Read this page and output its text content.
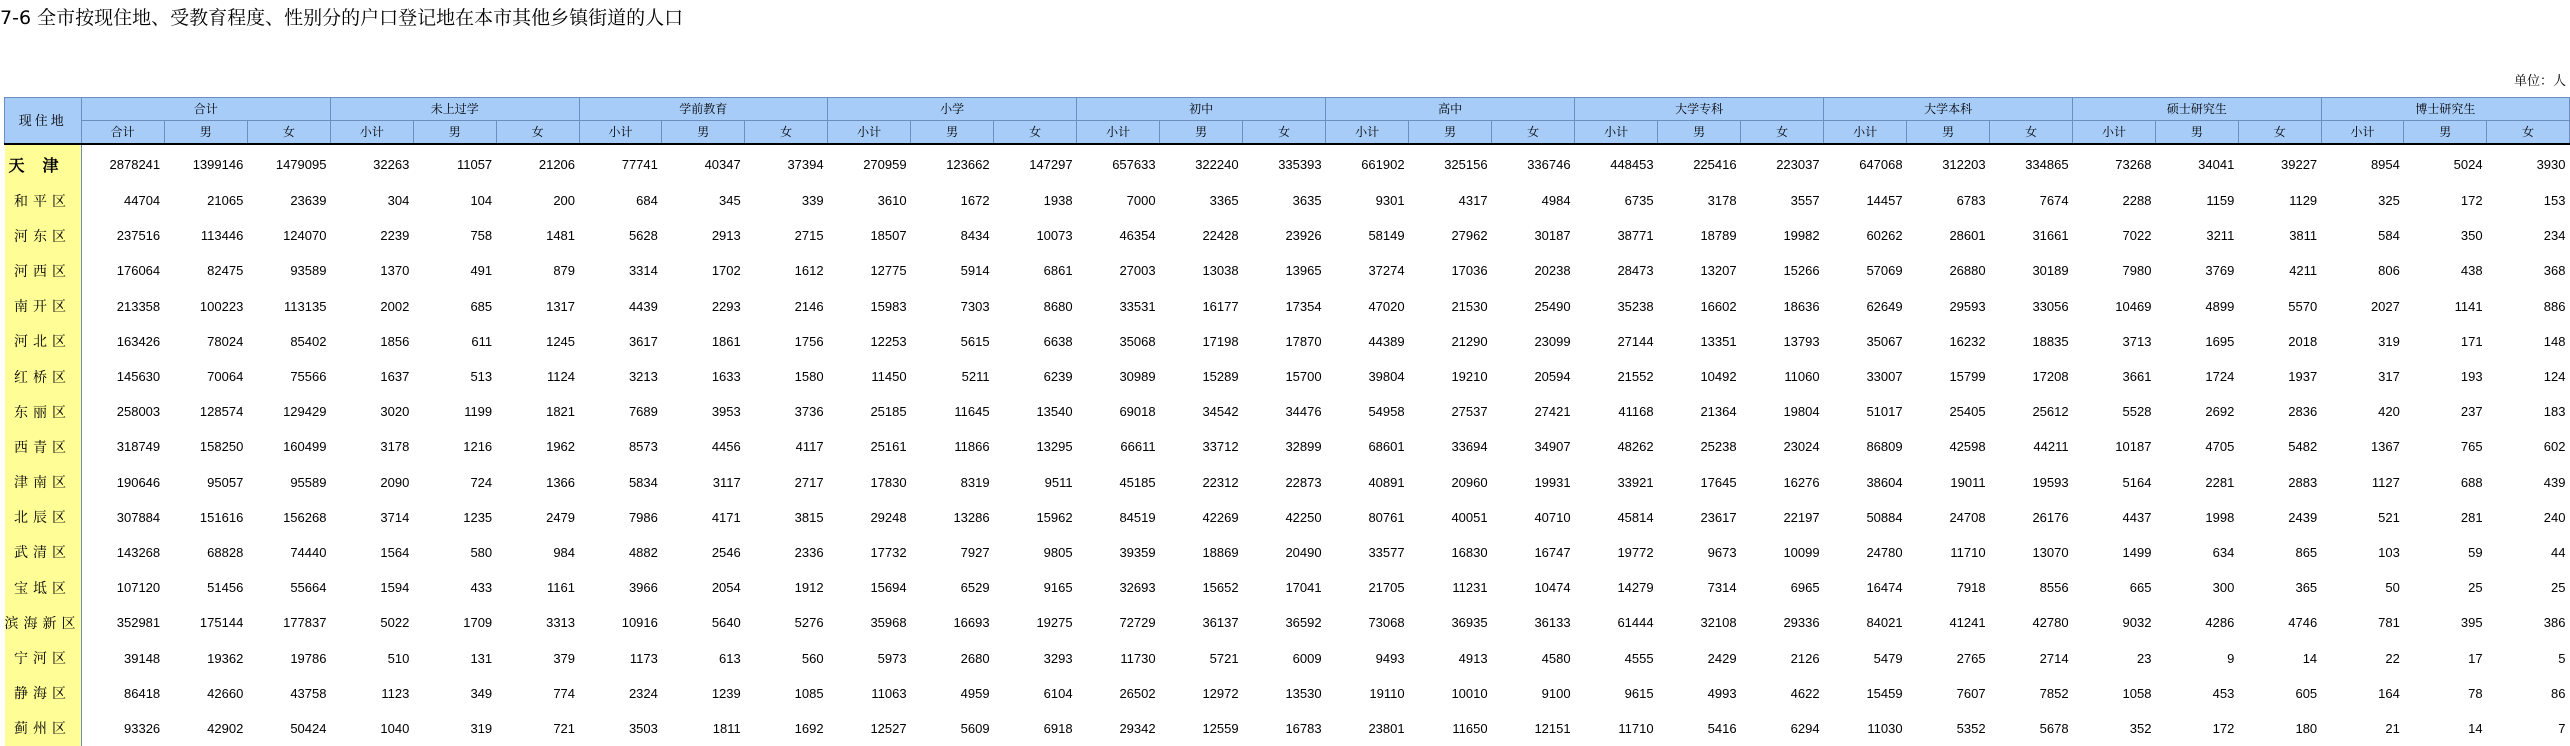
7-6 全市按现住地、受教育程度、性别分的户口登记地在本市其他乡镇街道的人口
单位：人
现住地	合计			未上过学			学前教育			小学			初中			高中			大学专科			大学本科			硕士研究生			博士研究生		
	合计	男	女	小计	男	女	小计	男	女	小计	男	女	小计	男	女	小计	男	女	小计	男	女	小计	男	女	小计	男	女	小计	男	女
天津	2878241	1399146	1479095	32263	11057	21206	77741	40347	37394	270959	123662	147297	657633	322240	335393	661902	325156	336746	448453	225416	223037	647068	312203	334865	73268	34041	39227	8954	5024	3930
和平区	44704	21065	23639	304	104	200	684	345	339	3610	1672	1938	7000	3365	3635	9301	4317	4984	6735	3178	3557	14457	6783	7674	2288	1159	1129	325	172	153
河东区	237516	113446	124070	2239	758	1481	5628	2913	2715	18507	8434	10073	46354	22428	23926	58149	27962	30187	38771	18789	19982	60262	28601	31661	7022	3211	3811	584	350	234
河西区	176064	82475	93589	1370	491	879	3314	1702	1612	12775	5914	6861	27003	13038	13965	37274	17036	20238	28473	13207	15266	57069	26880	30189	7980	3769	4211	806	438	368
南开区	213358	100223	113135	2002	685	1317	4439	2293	2146	15983	7303	8680	33531	16177	17354	47020	21530	25490	35238	16602	18636	62649	29593	33056	10469	4899	5570	2027	1141	886
河北区	163426	78024	85402	1856	611	1245	3617	1861	1756	12253	5615	6638	35068	17198	17870	44389	21290	23099	27144	13351	13793	35067	16232	18835	3713	1695	2018	319	171	148
红桥区	145630	70064	75566	1637	513	1124	3213	1633	1580	11450	5211	6239	30989	15289	15700	39804	19210	20594	21552	10492	11060	33007	15799	17208	3661	1724	1937	317	193	124
东丽区	258003	128574	129429	3020	1199	1821	7689	3953	3736	25185	11645	13540	69018	34542	34476	54958	27537	27421	41168	21364	19804	51017	25405	25612	5528	2692	2836	420	237	183
西青区	318749	158250	160499	3178	1216	1962	8573	4456	4117	25161	11866	13295	66611	33712	32899	68601	33694	34907	48262	25238	23024	86809	42598	44211	10187	4705	5482	1367	765	602
津南区	190646	95057	95589	2090	724	1366	5834	3117	2717	17830	8319	9511	45185	22312	22873	40891	20960	19931	33921	17645	16276	38604	19011	19593	5164	2281	2883	1127	688	439
北辰区	307884	151616	156268	3714	1235	2479	7986	4171	3815	29248	13286	15962	84519	42269	42250	80761	40051	40710	45814	23617	22197	50884	24708	26176	4437	1998	2439	521	281	240
武清区	143268	68828	74440	1564	580	984	4882	2546	2336	17732	7927	9805	39359	18869	20490	33577	16830	16747	19772	9673	10099	24780	11710	13070	1499	634	865	103	59	44
宝坻区	107120	51456	55664	1594	433	1161	3966	2054	1912	15694	6529	9165	32693	15652	17041	21705	11231	10474	14279	7314	6965	16474	7918	8556	665	300	365	50	25	25
滨海新区	352981	175144	177837	5022	1709	3313	10916	5640	5276	35968	16693	19275	72729	36137	36592	73068	36935	36133	61444	32108	29336	84021	41241	42780	9032	4286	4746	781	395	386
宁河区	39148	19362	19786	510	131	379	1173	613	560	5973	2680	3293	11730	5721	6009	9493	4913	4580	4555	2429	2126	5479	2765	2714	23	9	14	22	17	5
静海区	86418	42660	43758	1123	349	774	2324	1239	1085	11063	4959	6104	26502	12972	13530	19110	10010	9100	9615	4993	4622	15459	7607	7852	1058	453	605	164	78	86
蓟州区	93326	42902	50424	1040	319	721	3503	1811	1692	12527	5609	6918	29342	12559	16783	23801	11650	12151	11710	5416	6294	11030	5352	5678	352	172	180	21	14	7
